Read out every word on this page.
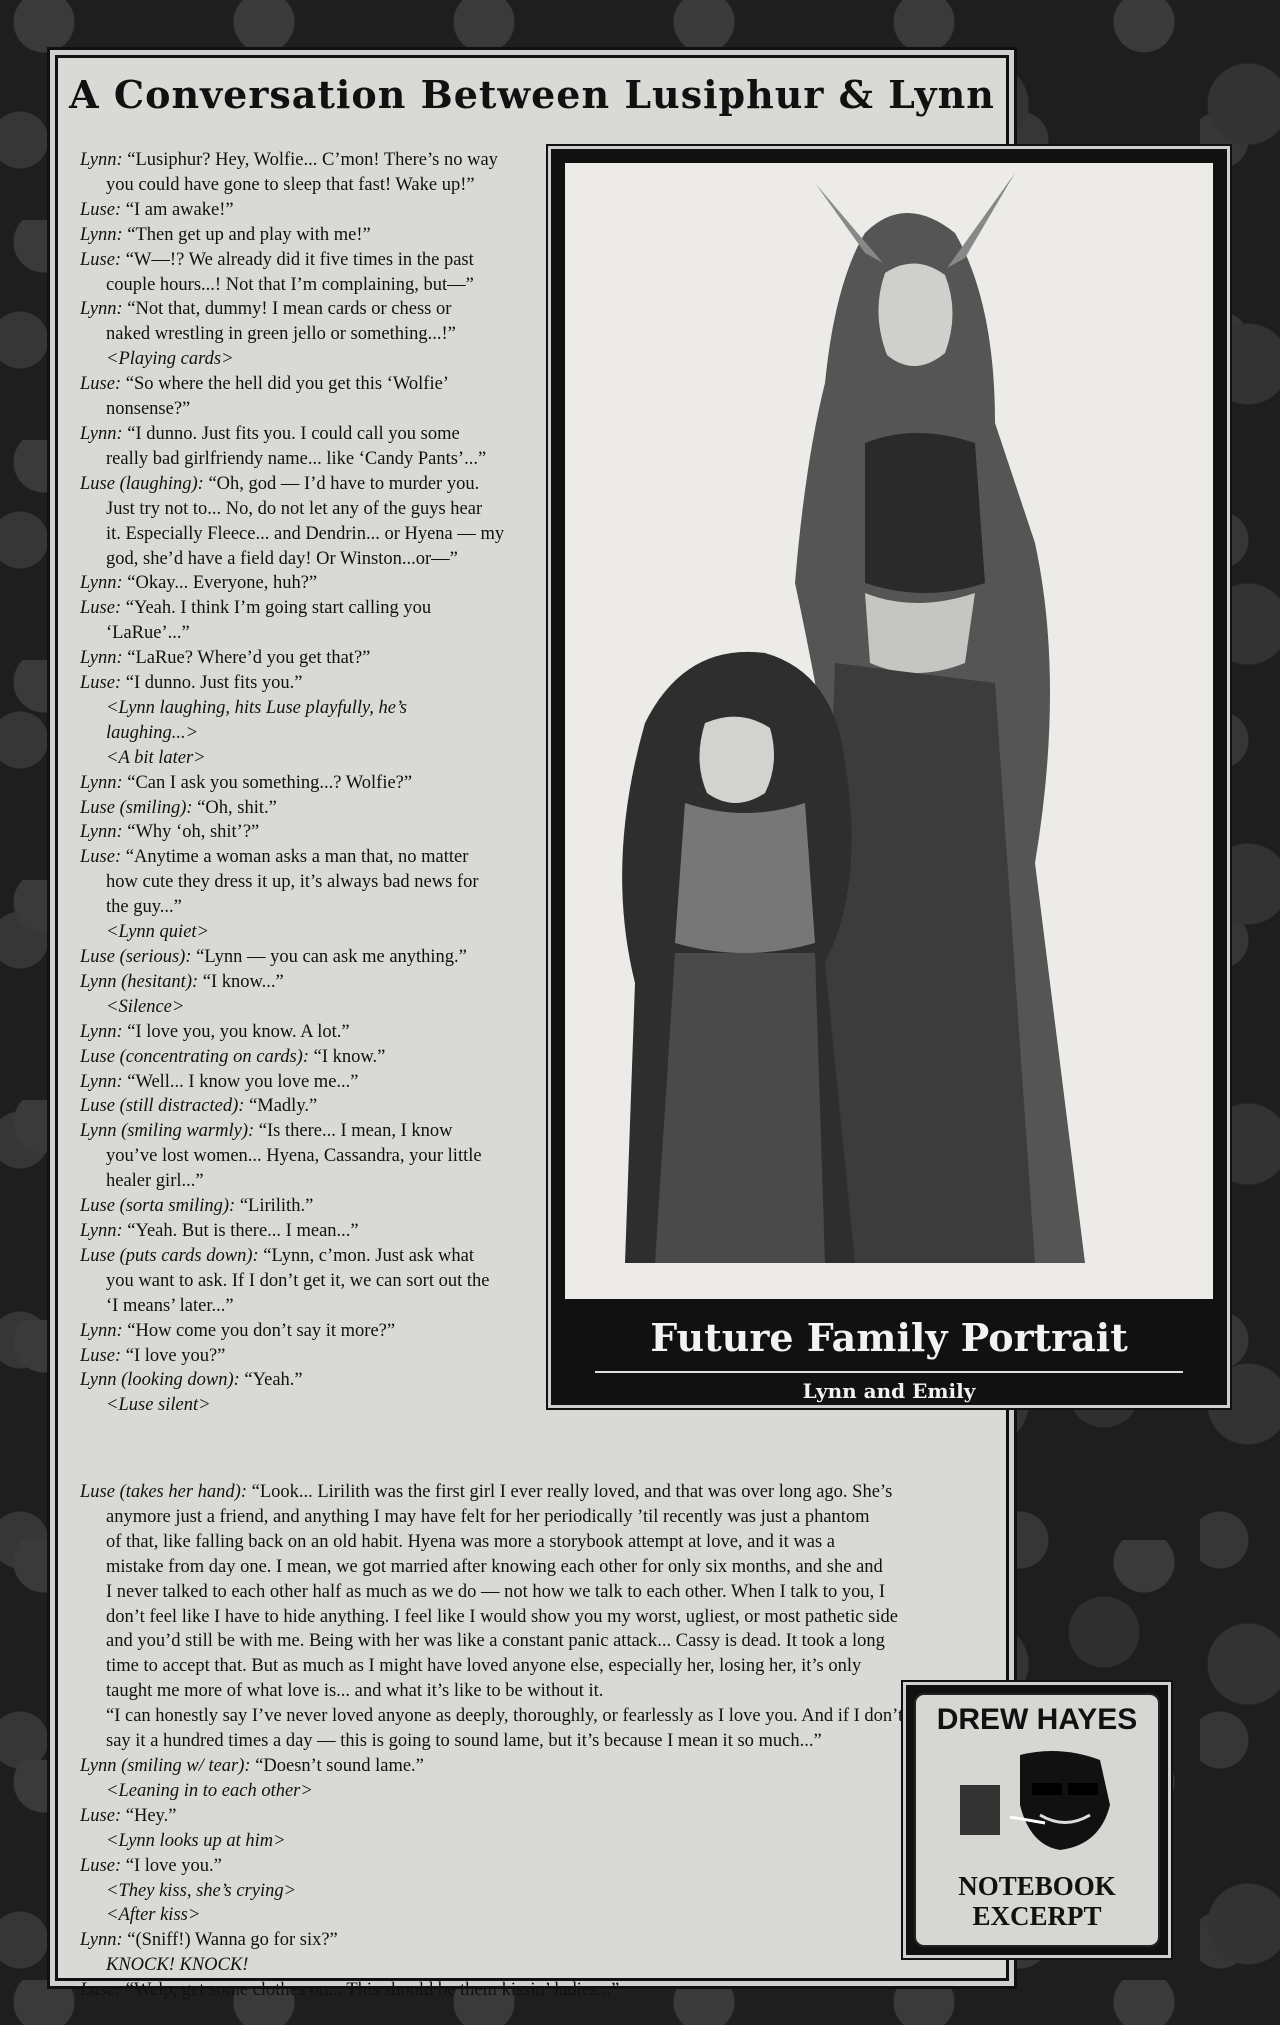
A Conversation Between Lusiphur & Lynn
Lynn: “Lusiphur? Hey, Wolfie... C’mon! There’s no way
you could have gone to sleep that fast! Wake up!”
Luse: “I am awake!”
Lynn: “Then get up and play with me!”
Luse: “W—!? We already did it five times in the past
couple hours...! Not that I’m complaining, but—”
Lynn: “Not that, dummy! I mean cards or chess or
naked wrestling in green jello or something...!”
<Playing cards>
Luse: “So where the hell did you get this ‘Wolfie’
nonsense?”
Lynn: “I dunno. Just fits you. I could call you some
really bad girlfriendy name... like ‘Candy Pants’...”
Luse (laughing): “Oh, god — I’d have to murder you.
Just try not to... No, do not let any of the guys hear
it. Especially Fleece... and Dendrin... or Hyena — my
god, she’d have a field day! Or Winston...or—”
Lynn: “Okay... Everyone, huh?”
Luse: “Yeah. I think I’m going start calling you
‘LaRue’...”
Lynn: “LaRue? Where’d you get that?”
Luse: “I dunno. Just fits you.”
<Lynn laughing, hits Luse playfully, he’s
laughing...>
<A bit later>
Lynn: “Can I ask you something...? Wolfie?”
Luse (smiling): “Oh, shit.”
Lynn: “Why ‘oh, shit’?”
Luse: “Anytime a woman asks a man that, no matter
how cute they dress it up, it’s always bad news for
the guy...”
<Lynn quiet>
Luse (serious): “Lynn — you can ask me anything.”
Lynn (hesitant): “I know...”
<Silence>
Lynn: “I love you, you know. A lot.”
Luse (concentrating on cards): “I know.”
Lynn: “Well... I know you love me...”
Luse (still distracted): “Madly.”
Lynn (smiling warmly): “Is there... I mean, I know
you’ve lost women... Hyena, Cassandra, your little
healer girl...”
Luse (sorta smiling): “Lirilith.”
Lynn: “Yeah. But is there... I mean...”
Luse (puts cards down): “Lynn, c’mon. Just ask what
you want to ask. If I don’t get it, we can sort out the
‘I means’ later...”
Lynn: “How come you don’t say it more?”
Luse: “I love you?”
Lynn (looking down): “Yeah.”
<Luse silent>
Luse (takes her hand): “Look... Lirilith was the first girl I ever really loved, and that was over long ago. She’s
anymore just a friend, and anything I may have felt for her periodically ’til recently was just a phantom
of that, like falling back on an old habit. Hyena was more a storybook attempt at love, and it was a
mistake from day one. I mean, we got married after knowing each other for only six months, and she and
I never talked to each other half as much as we do — not how we talk to each other. When I talk to you, I
don’t feel like I have to hide anything. I feel like I would show you my worst, ugliest, or most pathetic side
and you’d still be with me. Being with her was like a constant panic attack... Cassy is dead. It took a long
time to accept that. But as much as I might have loved anyone else, especially her, losing her, it’s only
taught me more of what love is... and what it’s like to be without it.
“I can honestly say I’ve never loved anyone as deeply, thoroughly, or fearlessly as I love you. And if I don’t
say it a hundred times a day — this is going to sound lame, but it’s because I mean it so much...”
Lynn (smiling w/ tear): “Doesn’t sound lame.”
<Leaning in to each other>
Luse: “Hey.”
<Lynn looks up at him>
Luse: “I love you.”
<They kiss, she’s crying>
<After kiss>
Lynn: “(Sniff!) Wanna go for six?”
KNOCK! KNOCK!
Luse: “Welp, get some clothes on... This should be them kissin’ ladies...”
Future Family Portrait
Lynn and Emily
DREW HAYES
NOTEBOOK
EXCERPT
